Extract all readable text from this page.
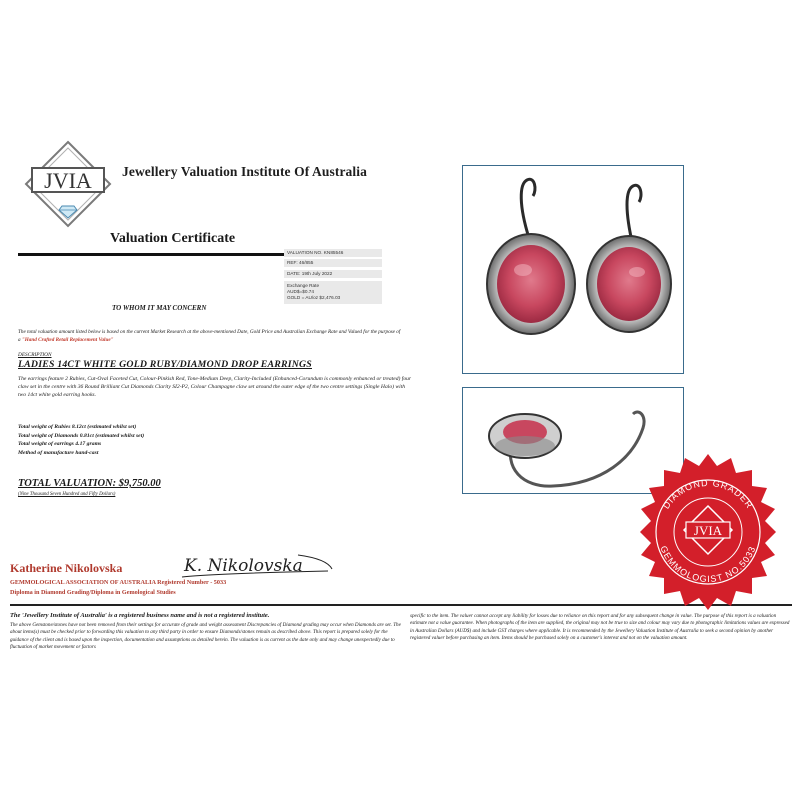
JVIA Jewellery Valuation Institute Of Australia
Valuation Certificate
VALUATION NO. KN85546
REF: 46/855
DATE: 19th July 2022
Exchange Rate
AUD$=$0.74
GOLD = AU/oz $2,476.03
TO WHOM IT MAY CONCERN
The total valuation amount listed below is based on the current Market Research at the above-mentioned Date, Gold Price and Australian Exchange Rate and Valued for the purpose of a "Hand Crafted Retail Replacement Value"
DESCRIPTION
LADIES 14CT WHITE GOLD RUBY/DIAMOND DROP EARRINGS
The earrings feature 2 Rubies, Cut-Oval Faceted Cut, Colour-Pinkish Red, Tone-Medium Deep, Clarity-Included (Enhanced-Corundum is commonly enhanced or treated) four claw set in the centre with 36 Round Brilliant Cut Diamonds Clarity SI2-P2, Colour Champagne claw set around the outer edge of the two centre settings (Single Halo) with two 14ct white gold earring hooks.
Total weight of Rubies 8.12ct (estimated whilst set)
Total weight of Diamonds 0.81ct (estimated whilst set)
Total weight of earrings 4.17 grams
Method of manufacture hand-cast
TOTAL VALUATION: $9,750.00
(Nine Thousand Seven Hundred and Fifty Dollars)
Katherine Nikolovska	K. Nikolovska
GEMMOLOGICAL ASSOCIATION OF AUSTRALIA Registered Number - 5033
Diploma in Diamond Grading/Diploma in Gemological Studies
The 'Jewellery Institute of Australia' is a registered business name and is not a registered institute.
The above Gemstone/stones have not been removed from their settings for accurate of grade and weight assessment Discrepancies of Diamond grading may occur when Diamonds are set. The about items(s) must be checked prior to forwarding this valuation to any third party in order to ensure Diamonds/stones remain as described above. This report is prepared solely for the guidance of the client and is based upon the inspection, documentation and assumptions as detailed herein. The valuation is as current as the date only and may change unexpectedly due to fluctuation of market movement or factors
specific to the item. The valuer cannot accept any liability for losses due to reliance on this report and for any subsequent change in value. The purpose of this report is a valuation estimate not a value guarantee. When photographs of the item are supplied, the original may not be true to size and colour may vary due to photographic limitations values are expressed in Australian Dollars (AUD$) and include GST charges where applicable. It is recommended by the Jewellery Valuation Institute of Australia to seek a second opinion by another registered valuer before purchasing an item. Items should be purchased solely on a customer's interest and not on the valuation amount.
DIAMOND GRADER
GEMMOLOGIST NO.5033
JVIA
